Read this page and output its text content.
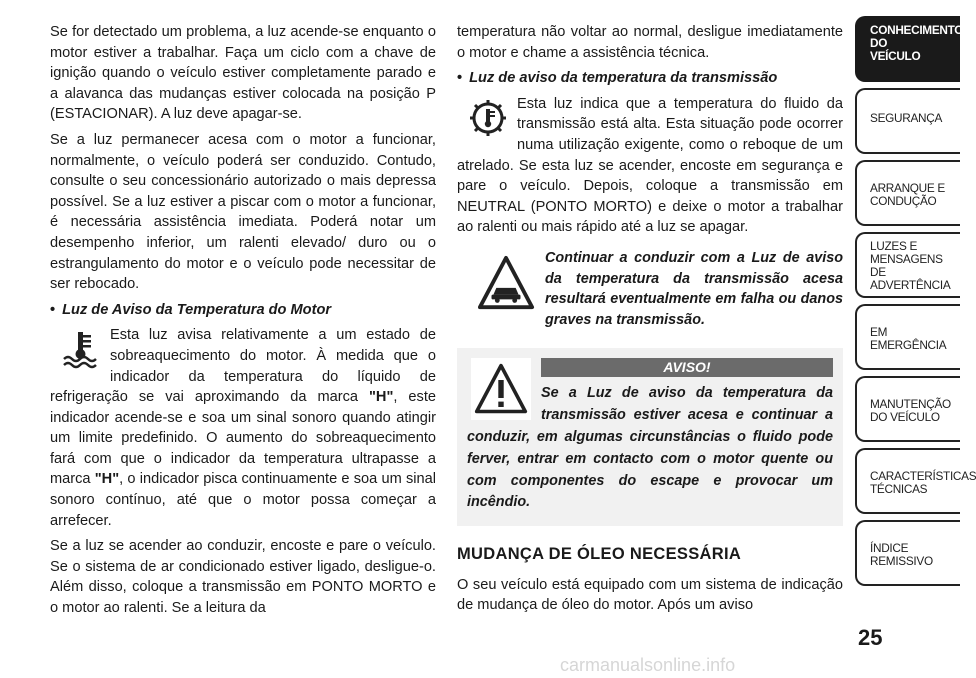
Se for detectado um problema, a luz acende-se enquanto o motor estiver a trabalhar. Faça um ciclo com a chave de ignição quando o veículo estiver completamente parado e a alavanca das mudanças estiver colocada na posição P (ESTACIONAR). A luz deve apagar-se.

Se a luz permanecer acesa com o motor a funcionar, normalmente, o veículo poderá ser conduzido. Contudo, consulte o seu concessionário autorizado o mais depressa possível. Se a luz estiver a piscar com o motor a funcionar, é necessária assistência imediata. Poderá notar um desempenho inferior, um ralenti elevado/ duro ou o estrangulamento do motor e o veículo pode necessitar de ser rebocado.

• Luz de Aviso da Temperatura do Motor

Esta luz avisa relativamente a um estado de sobreaquecimento do motor. À medida que o indicador da temperatura do líquido de refrigeração se vai aproximando da marca "H", este indicador acende-se e soa um sinal sonoro quando atingir um limite predefinido. O aumento do sobreaquecimento fará com que o indicador da temperatura ultrapasse a marca "H", o indicador pisca continuamente e soa um sinal sonoro contínuo, até que o motor possa começar a arrefecer.

Se a luz se acender ao conduzir, encoste e pare o veículo. Se o sistema de ar condicionado estiver ligado, desligue-o. Além disso, coloque a transmissão em PONTO MORTO e o motor ao ralenti. Se a leitura da

temperatura não voltar ao normal, desligue imediatamente o motor e chame a assistência técnica.

• Luz de aviso da temperatura da transmissão

Esta luz indica que a temperatura do fluido da transmissão está alta. Esta situação pode ocorrer numa utilização exigente, como o reboque de um atrelado. Se esta luz se acender, encoste em segurança e pare o veículo. Depois, coloque a transmissão em NEUTRAL (PONTO MORTO) e deixe o motor a trabalhar ao ralenti ou mais rápido até a luz se apagar.

Continuar a conduzir com a Luz de aviso da temperatura da transmissão acesa resultará eventualmente em falha ou danos graves na transmissão.
AVISO!
Se a Luz de aviso da temperatura da transmissão estiver acesa e continuar a conduzir, em algumas circunstâncias o fluido pode ferver, entrar em contacto com o motor quente ou com componentes do escape e provocar um incêndio.
MUDANÇA DE ÓLEO NECESSÁRIA

O seu veículo está equipado com um sistema de indicação de mudança de óleo do motor. Após um aviso

CONHECIMENTO
DO
VEÍCULO
SEGURANÇA
ARRANQUE E CONDUÇÃO
LUZES E MENSAGENS DE ADVERTÊNCIA
EM EMERGÊNCIA
MANUTENÇÃO DO VEÍCULO
CARACTERÍSTICAS TÉCNICAS
ÍNDICE REMISSIVO
25
carmanualsonline.info
